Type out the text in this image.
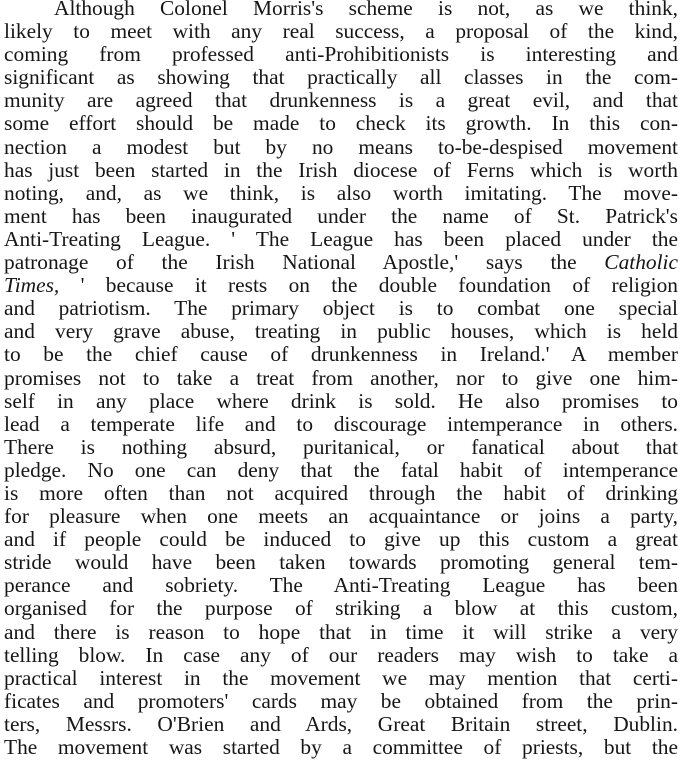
Although Colonel Morris's scheme is not, as we think,
likely to meet with any real success, a proposal of the kind,
coming from professed anti-Prohibitionists is interesting and
significant as showing that practically all classes in the com-
munity are agreed that drunkenness is a great evil, and that
some effort should be made to check its growth. In this con-
nection a modest but by no means to-be-despised movement
has just been started in the Irish diocese of Ferns which is worth
noting, and, as we think, is also worth imitating. The move-
ment has been inaugurated under the name of St. Patrick's
Anti-Treating League. ' The League has been placed under the
patronage of the Irish National Apostle,' says the Catholic
Times, ' because it rests on the double foundation of religion
and patriotism. The primary object is to combat one special
and very grave abuse, treating in public houses, which is held
to be the chief cause of drunkenness in Ireland.' A member
promises not to take a treat from another, nor to give one him-
self in any place where drink is sold. He also promises to
lead a temperate life and to discourage intemperance in others.
There is nothing absurd, puritanical, or fanatical about that
pledge. No one can deny that the fatal habit of intemperance
is more often than not acquired through the habit of drinking
for pleasure when one meets an acquaintance or joins a party,
and if people could be induced to give up this custom a great
stride would have been taken towards promoting general tem-
perance and sobriety. The Anti-Treating League has been
organised for the purpose of striking a blow at this custom,
and there is reason to hope that in time it will strike a very
telling blow. In case any of our readers may wish to take a
practical interest in the movement we may mention that certi-
ficates and promoters' cards may be obtained from the prin-
ters, Messrs. O'Brien and Ards, Great Britain street, Dublin.
The movement was started by a committee of priests, but the
